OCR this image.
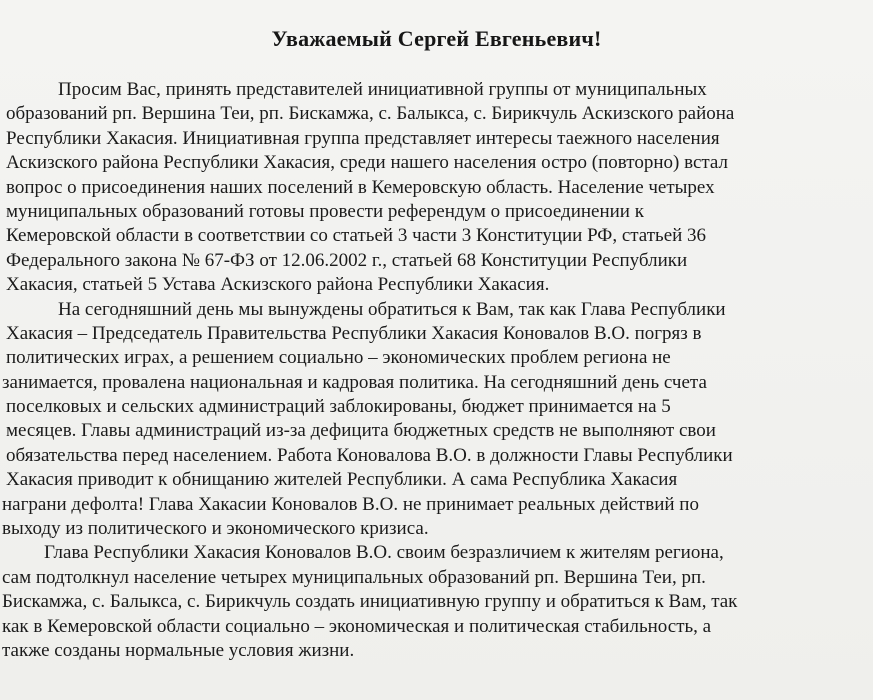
Уважаемый Сергей Евгеньевич!
Просим Вас, принять представителей инициативной группы от муниципальных
образований рп. Вершина Теи, рп. Бискамжа, с. Балыкса, с. Бирикчуль Аскизского района
Республики Хакасия. Инициативная группа представляет интересы таежного населения
Аскизского района Республики Хакасия, среди нашего населения остро (повторно) встал
вопрос о присоединения наших поселений в Кемеровскую область. Население четырех
муниципальных образований готовы провести референдум о присоединении к
Кемеровской области в соответствии со статьей 3 части 3 Конституции РФ, статьей 36
Федерального закона № 67-ФЗ от 12.06.2002 г., статьей 68 Конституции Республики
Хакасия, статьей 5 Устава Аскизского района Республики Хакасия.
На сегодняшний день мы вынуждены обратиться к Вам, так как Глава Республики
Хакасия – Председатель Правительства Республики Хакасия Коновалов В.О. погряз в
политических играх, а решением социально – экономических проблем региона не
занимается, провалена национальная и кадровая политика. На сегодняшний день счета
поселковых и сельских администраций заблокированы, бюджет принимается на 5
месяцев. Главы администраций из-за дефицита бюджетных средств не выполняют свои
обязательства перед населением. Работа Коновалова В.О. в должности Главы Республики
Хакасия приводит к обнищанию жителей Республики. А сама Республика Хакасия
награни дефолта! Глава Хакасии Коновалов В.О. не принимает реальных действий по
выходу из политического и экономического кризиса.
Глава Республики Хакасия Коновалов В.О. своим безразличием к жителям региона,
сам подтолкнул население четырех муниципальных образований рп. Вершина Теи, рп.
Бискамжа, с. Балыкса, с. Бирикчуль создать инициативную группу и обратиться к Вам, так
как в Кемеровской области социально – экономическая и политическая стабильность, а
также созданы нормальные условия жизни.
